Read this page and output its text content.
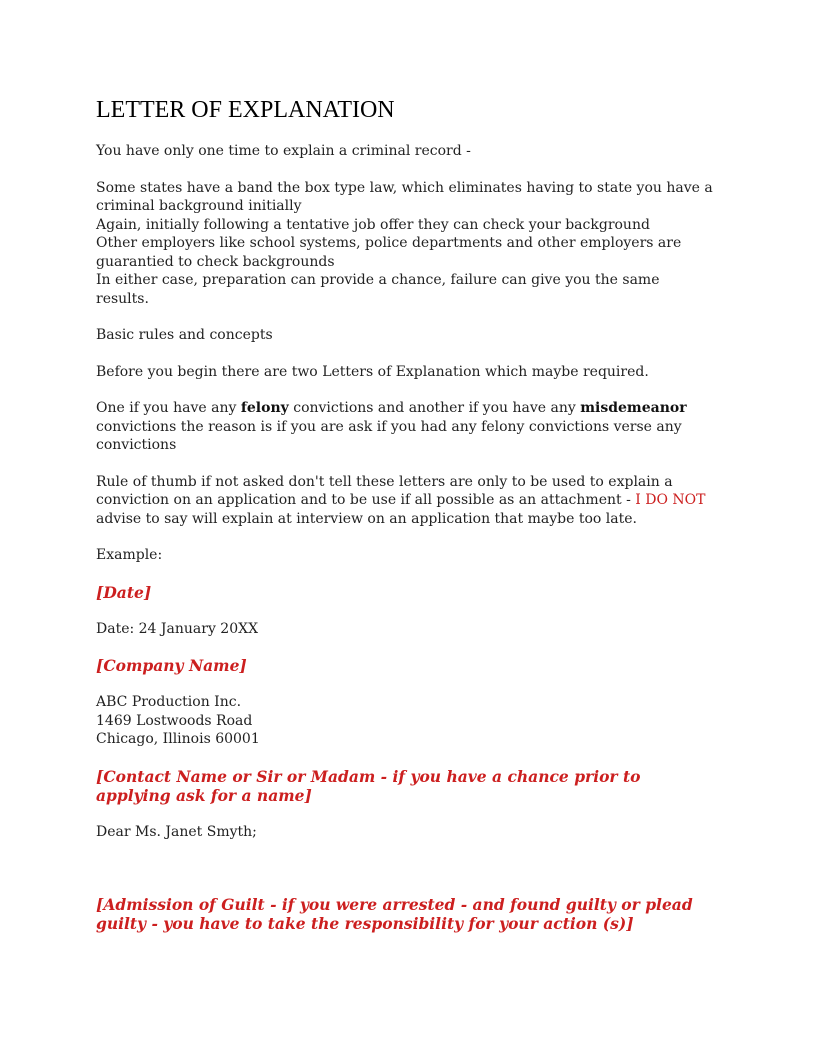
LETTER OF EXPLANATION

You have only one time to explain a criminal record -

Some states have a band the box type law, which eliminates having to state you have a criminal background initially
Again, initially following a tentative job offer they can check your background
Other employers like school systems, police departments and other employers are guarantied to check backgrounds
In either case, preparation can provide a chance, failure can give you the same results.

Basic rules and concepts

Before you begin there are two Letters of Explanation which maybe required.

One if you have any felony convictions and another if you have any misdemeanor convictions the reason is if you are ask if you had any felony convictions verse any convictions

Rule of thumb if not asked don't tell these letters are only to be used to explain a conviction on an application and to be use if all possible as an attachment - I DO NOT advise to say will explain at interview on an application that maybe too late.

Example:

[Date]

Date: 24 January 20XX

[Company Name]

ABC Production Inc.
1469 Lostwoods Road
Chicago, Illinois 60001

[Contact Name or Sir or Madam - if you have a chance prior to applying ask for a name]

Dear Ms. Janet Smyth;

[Admission of Guilt - if you were arrested - and found guilty or plead guilty - you have to take the responsibility for your action (s)]
